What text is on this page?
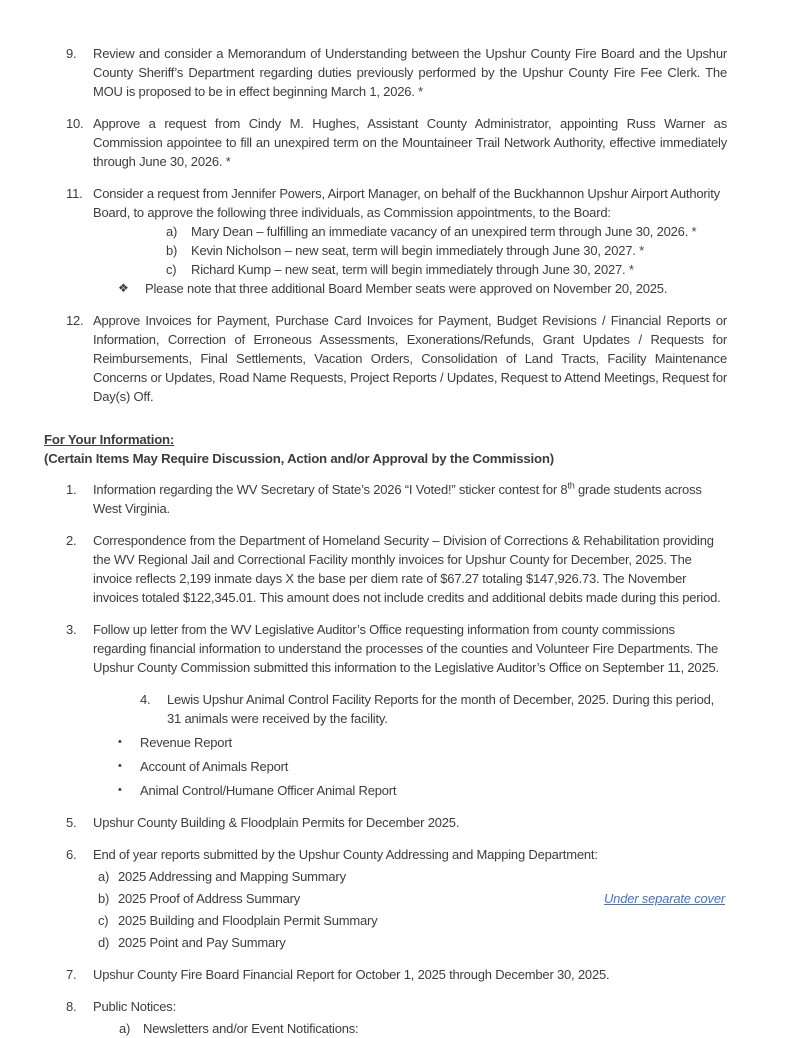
9.	Review and consider a Memorandum of Understanding between the Upshur County Fire Board and the Upshur County Sheriff’s Department regarding duties previously performed by the Upshur County Fire Fee Clerk. The MOU is proposed to be in effect beginning March 1, 2026. *

10. Approve a request from Cindy M. Hughes, Assistant County Administrator, appointing Russ Warner as Commission appointee to fill an unexpired term on the Mountaineer Trail Network Authority, effective immediately through June 30, 2026. *

11. Consider a request from Jennifer Powers, Airport Manager, on behalf of the Buckhannon Upshur Airport Authority Board, to approve the following three individuals, as Commission appointments, to the Board:

a)	Mary Dean – fulfilling an immediate vacancy of an unexpired term through June 30, 2026. *

b)	Kevin Nicholson – new seat, term will begin immediately through June 30, 2027. *

c)	Richard Kump – new seat, term will begin immediately through June 30, 2027. *

❖	Please note that three additional Board Member seats were approved on November 20, 2025.

12. Approve Invoices for Payment, Purchase Card Invoices for Payment, Budget Revisions / Financial Reports or Information, Correction of Erroneous Assessments, Exonerations/Refunds, Grant Updates / Requests for Reimbursements, Final Settlements, Vacation Orders, Consolidation of Land Tracts, Facility Maintenance Concerns or Updates, Road Name Requests, Project Reports / Updates, Request to Attend Meetings, Request for Day(s) Off.

For Your Information:
(Certain Items May Require Discussion, Action and/or Approval by the Commission)
1.	Information regarding the WV Secretary of State’s 2026 “I Voted!” sticker contest for 8th grade students across West Virginia.

2.	Correspondence from the Department of Homeland Security – Division of Corrections & Rehabilitation providing the WV Regional Jail and Correctional Facility monthly invoices for Upshur County for December, 2025. The invoice reflects 2,199 inmate days X the base per diem rate of $67.27 totaling $147,926.73. The November invoices totaled $122,345.01. This amount does not include credits and additional debits made during this period.

3.	Follow up letter from the WV Legislative Auditor’s Office requesting information from county commissions regarding financial information to understand the processes of the counties and Volunteer Fire Departments. The Upshur County Commission submitted this information to the Legislative Auditor’s Office on September 11, 2025.

4.	Lewis Upshur Animal Control Facility Reports for the month of December, 2025. During this period, 31 animals were received by the facility.

•	Revenue Report

•	Account of Animals Report

•	Animal Control/Humane Officer Animal Report

5.	Upshur County Building & Floodplain Permits for December 2025.

6.	End of year reports submitted by the Upshur County Addressing and Mapping Department:

a) 2025 Addressing and Mapping Summary

b) 2025 Proof of Address Summary	Under separate cover
c) 2025 Building and Floodplain Permit Summary

d) 2025 Point and Pay Summary

7.	Upshur County Fire Board Financial Report for October 1, 2025 through December 30, 2025.

8.	Public Notices:

a) Newsletters and/or Event Notifications:
